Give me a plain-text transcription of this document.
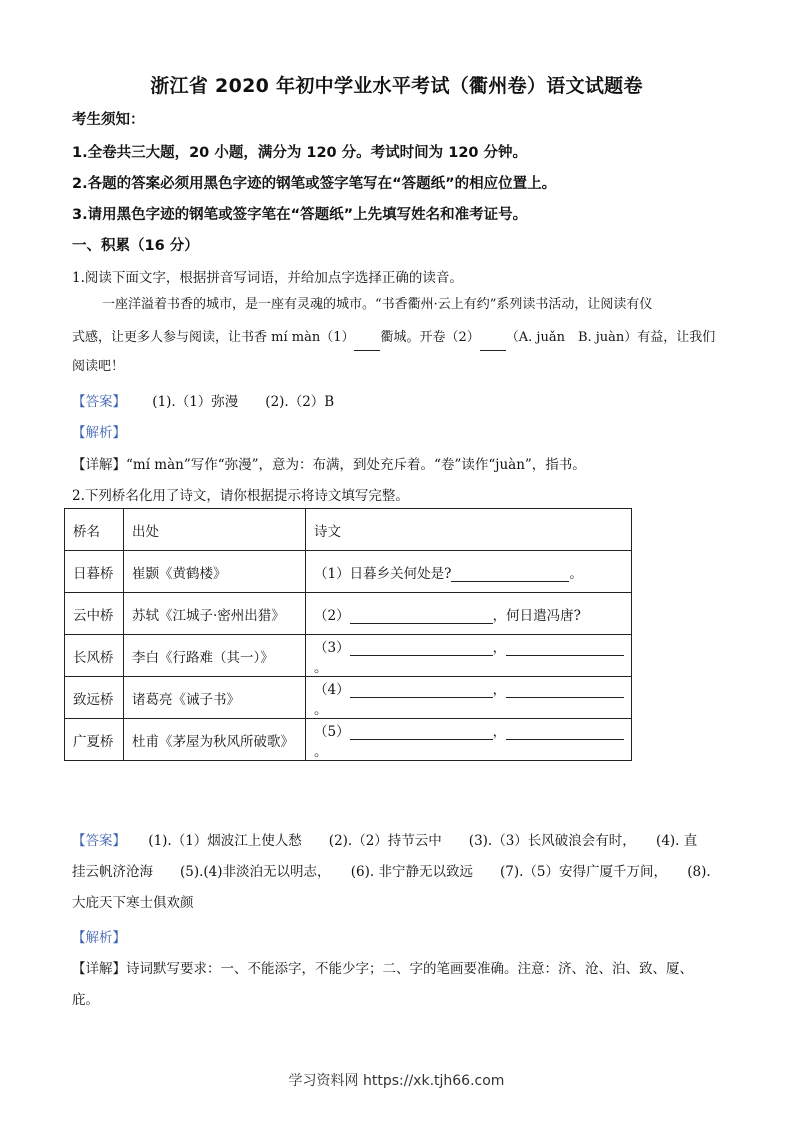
浙江省 2020 年初中学业水平考试（衢州卷）语文试题卷
考生须知：
1.全卷共三大题，20 小题，满分为 120 分。考试时间为 120 分钟。
2.各题的答案必须用黑色字迹的钢笔或签字笔写在“答题纸”的相应位置上。
3.请用黑色字迹的钢笔或签字笔在“答题纸”上先填写姓名和准考证号。
一、积累（16 分）
1.阅读下面文字，根据拼音写词语，并给加点字选择正确的读音。
一座洋溢着书香的城市，是一座有灵魂的城市。“书香衢州·云上有约”系列读书活动，让阅读有仪
式感，让更多人参与阅读，让书香 mí màn（1） 衢城。开卷（2） （A. juǎn　B. juàn）有益，让我们
阅读吧！
【答案】 (1).（1）弥漫　　(2).（2）B
【解析】
【详解】“mí màn”写作“弥漫”，意为：布满，到处充斥着。“卷”读作“juàn”，指书。
2.下列桥名化用了诗文，请你根据提示将诗文填写完整。
桥名	出处	诗文
日暮桥	崔颢《黄鹤楼》	（1）日暮乡关何处是? 。
云中桥	苏轼《江城子·密州出猎》	（2） ，何日遣冯唐?
长风桥	李白《行路难（其一）》	（3） ，。
致远桥	诸葛亮《诫子书》	（4） ，。
广夏桥	杜甫《茅屋为秋风所破歌》	（5） ，。
【答案】 (1).（1）烟波江上使人愁　　(2).（2）持节云中　　(3).（3）长风破浪会有时，　　(4). 直
挂云帆济沧海　　(5).(4)非淡泊无以明志，　　(6). 非宁静无以致远　　(7).（5）安得广厦千万间，　　(8).
大庇天下寒士俱欢颜
【解析】
【详解】诗词默写要求：一、不能添字，不能少字；二、字的笔画要准确。注意：济、沧、泊、致、厦、
庇。
学习资料网 https://xk.tjh66.com
